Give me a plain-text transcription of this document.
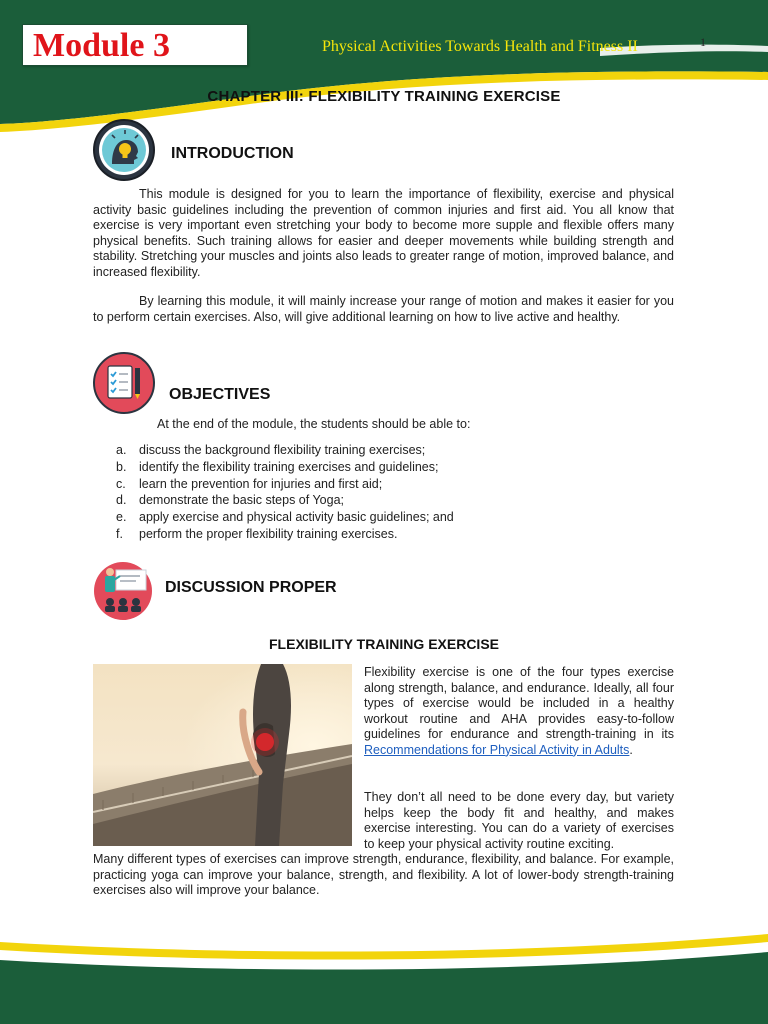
Module 3	Physical Activities Towards Health and Fitness II	1
CHAPTER III: FLEXIBILITY TRAINING EXERCISE
INTRODUCTION

This module is designed for you to learn the importance of flexibility, exercise and physical activity basic guidelines including the prevention of common injuries and first aid. You all know that exercise is very important even stretching your body to become more supple and flexible offers many physical benefits. Such training allows for easier and deeper movements while building strength and stability. Stretching your muscles and joints also leads to greater range of motion, improved balance, and increased flexibility.

By learning this module, it will mainly increase your range of motion and makes it easier for you to perform certain exercises. Also, will give additional learning on how to live active and healthy.

OBJECTIVES
At the end of the module, the students should be able to:
a.	discuss the background flexibility training exercises;
b.	identify the flexibility training exercises and guidelines;
c.	learn the prevention for injuries and first aid;
d.	demonstrate the basic steps of Yoga;
e.	apply exercise and physical activity basic guidelines; and
f.	perform the proper flexibility training exercises.
DISCUSSION PROPER
FLEXIBILITY TRAINING EXERCISE

Flexibility exercise is one of the four types exercise along strength, balance, and endurance. Ideally, all four types of exercise would be included in a healthy workout routine and AHA provides easy-to-follow guidelines for endurance and strength-training in its Recommendations for Physical Activity in Adults.

They don’t all need to be done every day, but variety helps keep the body fit and healthy, and makes exercise interesting. You can do a variety of exercises to keep your physical activity routine exciting.

Many different types of exercises can improve strength, endurance, flexibility, and balance. For example, practicing yoga can improve your balance, strength, and flexibility. A lot of lower-body strength-training exercises also will improve your balance.
